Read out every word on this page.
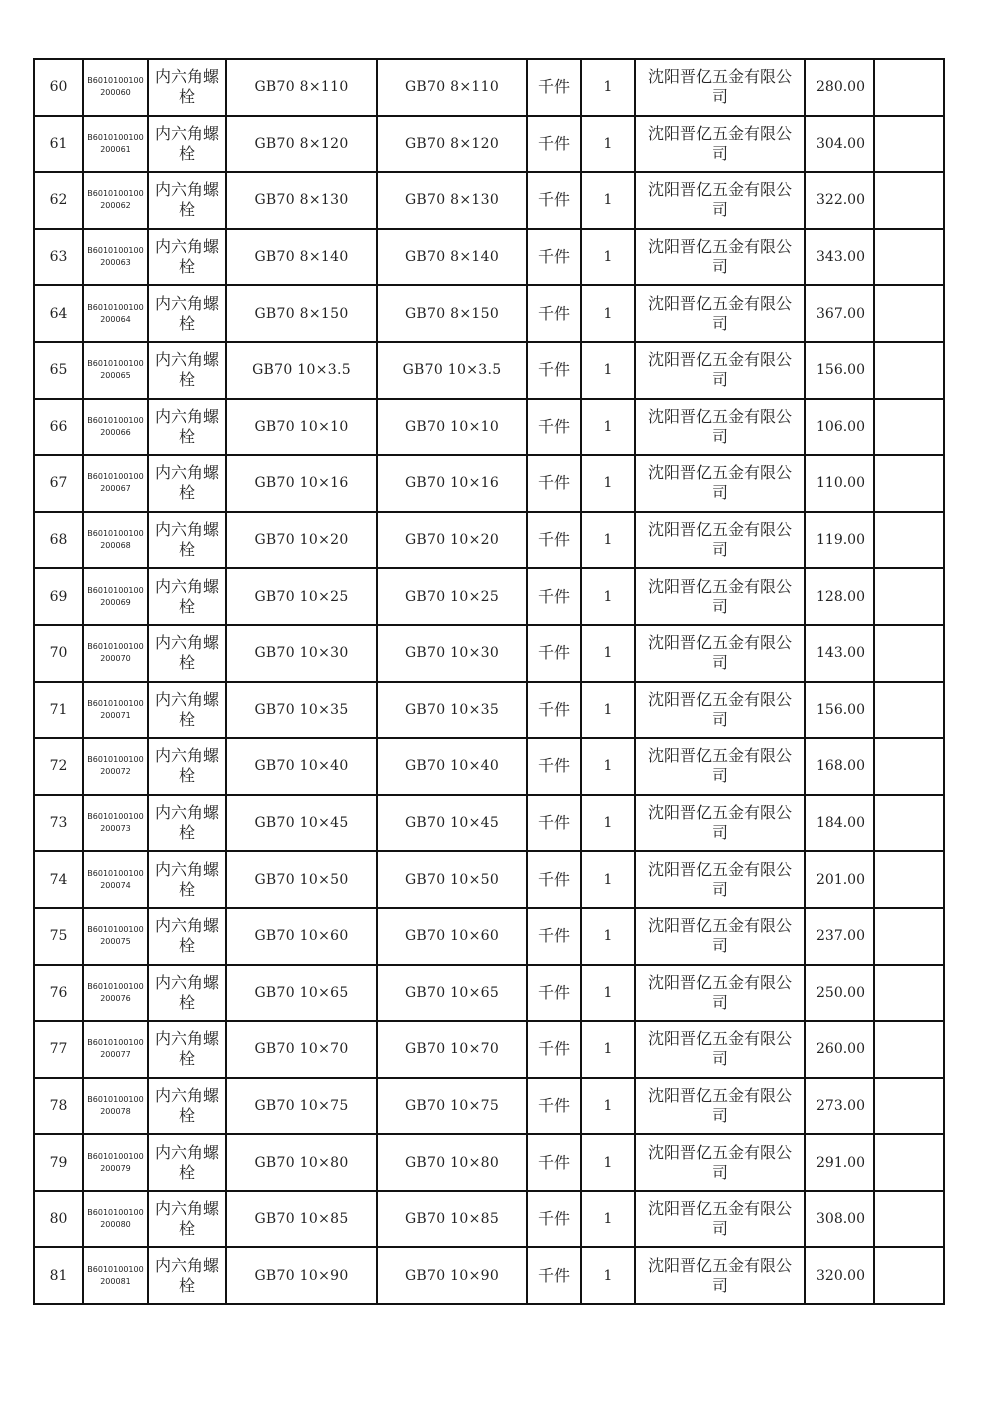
60	B6010100100200060	内六角螺栓	GB70 8×110	GB70 8×110	千件	1	沈阳晋亿五金有限公司	280.00	
61	B6010100100200061	内六角螺栓	GB70 8×120	GB70 8×120	千件	1	沈阳晋亿五金有限公司	304.00	
62	B6010100100200062	内六角螺栓	GB70 8×130	GB70 8×130	千件	1	沈阳晋亿五金有限公司	322.00	
63	B6010100100200063	内六角螺栓	GB70 8×140	GB70 8×140	千件	1	沈阳晋亿五金有限公司	343.00	
64	B6010100100200064	内六角螺栓	GB70 8×150	GB70 8×150	千件	1	沈阳晋亿五金有限公司	367.00	
65	B6010100100200065	内六角螺栓	GB70 10×3.5	GB70 10×3.5	千件	1	沈阳晋亿五金有限公司	156.00	
66	B6010100100200066	内六角螺栓	GB70 10×10	GB70 10×10	千件	1	沈阳晋亿五金有限公司	106.00	
67	B6010100100200067	内六角螺栓	GB70 10×16	GB70 10×16	千件	1	沈阳晋亿五金有限公司	110.00	
68	B6010100100200068	内六角螺栓	GB70 10×20	GB70 10×20	千件	1	沈阳晋亿五金有限公司	119.00	
69	B6010100100200069	内六角螺栓	GB70 10×25	GB70 10×25	千件	1	沈阳晋亿五金有限公司	128.00	
70	B6010100100200070	内六角螺栓	GB70 10×30	GB70 10×30	千件	1	沈阳晋亿五金有限公司	143.00	
71	B6010100100200071	内六角螺栓	GB70 10×35	GB70 10×35	千件	1	沈阳晋亿五金有限公司	156.00	
72	B6010100100200072	内六角螺栓	GB70 10×40	GB70 10×40	千件	1	沈阳晋亿五金有限公司	168.00	
73	B6010100100200073	内六角螺栓	GB70 10×45	GB70 10×45	千件	1	沈阳晋亿五金有限公司	184.00	
74	B6010100100200074	内六角螺栓	GB70 10×50	GB70 10×50	千件	1	沈阳晋亿五金有限公司	201.00	
75	B6010100100200075	内六角螺栓	GB70 10×60	GB70 10×60	千件	1	沈阳晋亿五金有限公司	237.00	
76	B6010100100200076	内六角螺栓	GB70 10×65	GB70 10×65	千件	1	沈阳晋亿五金有限公司	250.00	
77	B6010100100200077	内六角螺栓	GB70 10×70	GB70 10×70	千件	1	沈阳晋亿五金有限公司	260.00	
78	B6010100100200078	内六角螺栓	GB70 10×75	GB70 10×75	千件	1	沈阳晋亿五金有限公司	273.00	
79	B6010100100200079	内六角螺栓	GB70 10×80	GB70 10×80	千件	1	沈阳晋亿五金有限公司	291.00	
80	B6010100100200080	内六角螺栓	GB70 10×85	GB70 10×85	千件	1	沈阳晋亿五金有限公司	308.00	
81	B6010100100200081	内六角螺栓	GB70 10×90	GB70 10×90	千件	1	沈阳晋亿五金有限公司	320.00	
